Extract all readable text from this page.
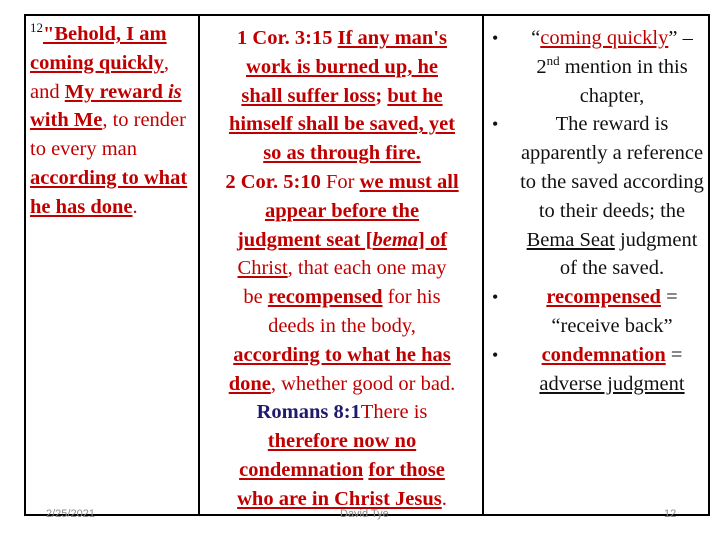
$^{12}$"Behold, I am coming quickly, and My reward is with Me, to render to every man according to what he has done.	
1 Cor. 3:15 If any man's
work is burned up, he
shall suffer loss; but he
himself shall be saved, yet
so as through fire.
2 Cor. 5:10 For we must all
appear before the
judgment seat [bema] of
Christ, that each one may
be recompensed for his
deeds in the body,
according to what he has
done, whether good or bad.
Romans 8:1There is
therefore now no
condemnation for those
who are in Christ Jesus.

• “coming quickly” – 2nd mention in this chapter,
• The reward is apparently a reference to the saved according to their deeds; the Bema Seat judgment of the saved.
• recompensed = “receive back”
• condemnation = adverse judgment
2/25/2021	David Tye	12
